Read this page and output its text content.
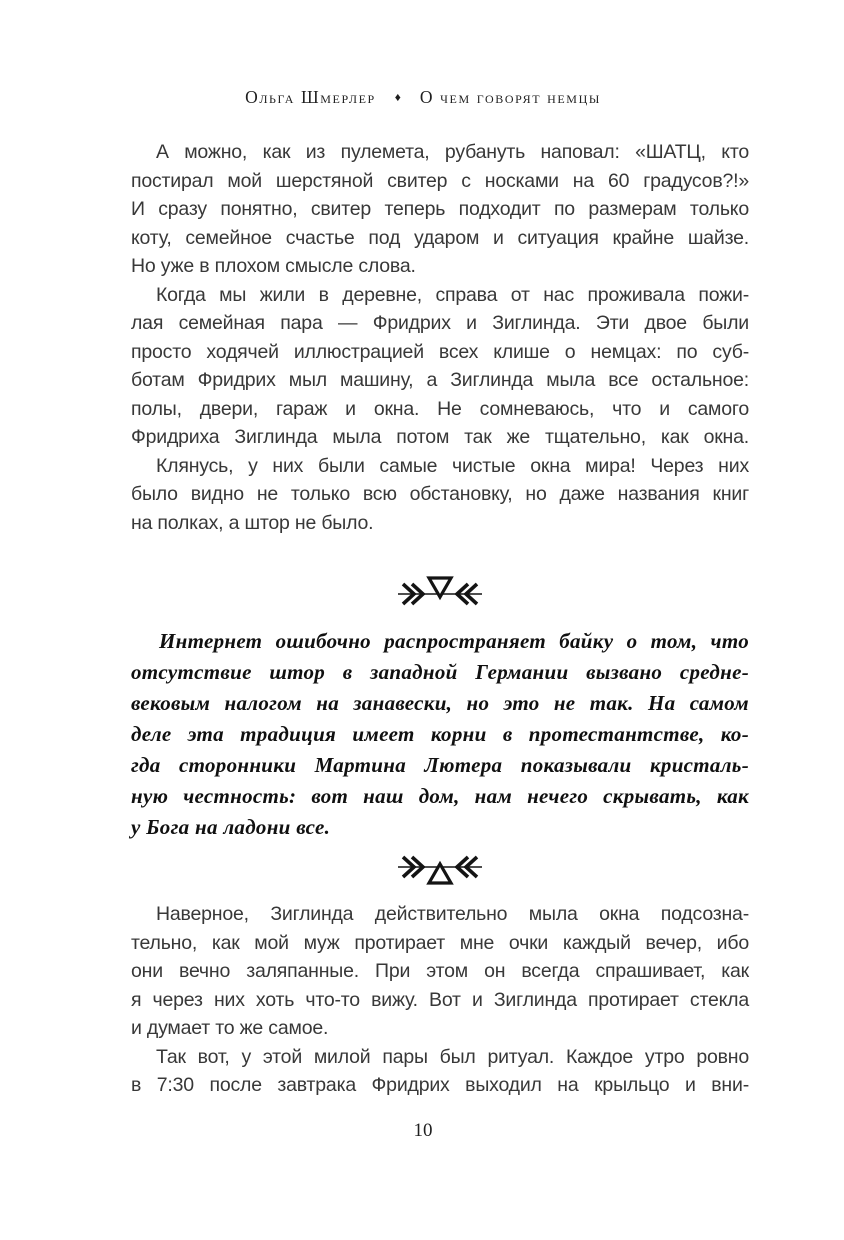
Ольга Шмерлер ♦ О чем говорят немцы

А можно, как из пулемета, рубануть наповал: «ШАТЦ, кто
постирал мой шерстяной свитер с носками на 60 градусов?!»
И сразу понятно, свитер теперь подходит по размерам только
коту, семейное счастье под ударом и ситуация крайне шайзе.
Но уже в плохом смысле слова.

Когда мы жили в деревне, справа от нас проживала пожи-
лая семейная пара — Фридрих и Зиглинда. Эти двое были
просто ходячей иллюстрацией всех клише о немцах: по суб-
ботам Фридрих мыл машину, а Зиглинда мыла все остальное:
полы, двери, гараж и окна. Не сомневаюсь, что и самого
Фридриха Зиглинда мыла потом так же тщательно, как окна.

Клянусь, у них были самые чистые окна мира! Через них
было видно не только всю обстановку, но даже названия книг
на полках, а штор не было.

Интернет ошибочно распространяет байку о том, что
отсутствие штор в западной Германии вызвано средне-
вековым налогом на занавески, но это не так. На самом
деле эта традиция имеет корни в протестантстве, ко-
гда сторонники Мартина Лютера показывали кристаль-
ную честность: вот наш дом, нам нечего скрывать, как
у Бога на ладони все.

Наверное, Зиглинда действительно мыла окна подсозна-
тельно, как мой муж протирает мне очки каждый вечер, ибо
они вечно заляпанные. При этом он всегда спрашивает, как
я через них хоть что-то вижу. Вот и Зиглинда протирает стекла
и думает то же самое.

Так вот, у этой милой пары был ритуал. Каждое утро ровно
в 7:30 после завтрака Фридрих выходил на крыльцо и вни-

10
